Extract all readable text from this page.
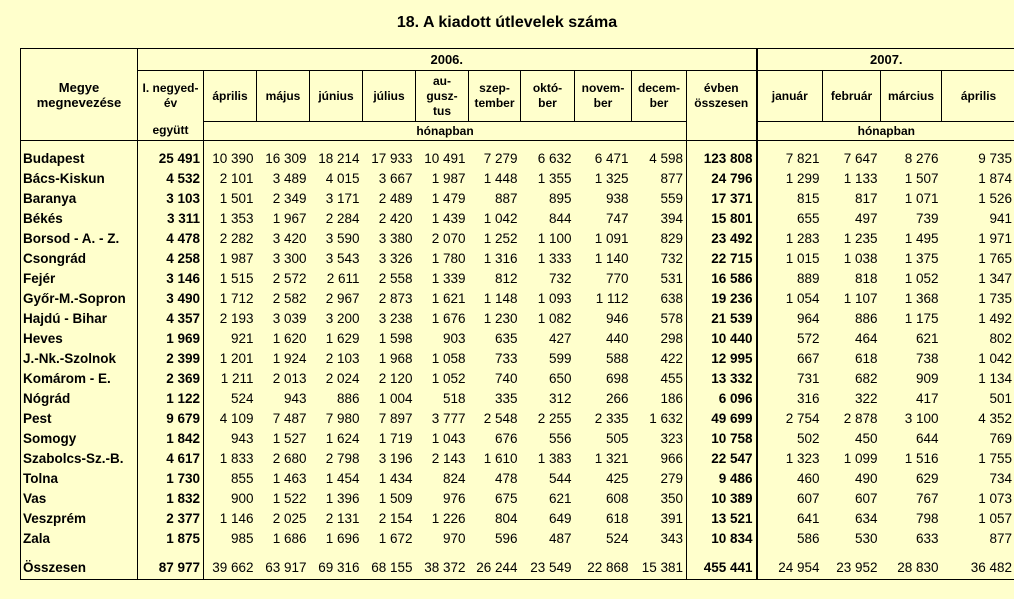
18. A kiadott útlevelek száma
Megye
megnevezése	2006.											2007.			
	I. negyed-
év	április	május	június	július	au-
gusz-
tus	szep-
tember	októ-
ber	novem-
ber	decem-
ber	évben
összesen	január	február	március	április
	együtt	hónapban										hónapban			

Budapest	25 491	10 390	16 309	18 214	17 933	10 491	7 279	6 632	6 471	4 598	123 808	7 821	7 647	8 276	9 735
Bács-Kiskun	4 532	2 101	3 489	4 015	3 667	1 987	1 448	1 355	1 325	877	24 796	1 299	1 133	1 507	1 874
Baranya	3 103	1 501	2 349	3 171	2 489	1 479	887	895	938	559	17 371	815	817	1 071	1 526
Békés	3 311	1 353	1 967	2 284	2 420	1 439	1 042	844	747	394	15 801	655	497	739	941
Borsod - A. - Z.	4 478	2 282	3 420	3 590	3 380	2 070	1 252	1 100	1 091	829	23 492	1 283	1 235	1 495	1 971
Csongrád	4 258	1 987	3 300	3 543	3 326	1 780	1 316	1 333	1 140	732	22 715	1 015	1 038	1 375	1 765
Fejér	3 146	1 515	2 572	2 611	2 558	1 339	812	732	770	531	16 586	889	818	1 052	1 347
Győr-M.-Sopron	3 490	1 712	2 582	2 967	2 873	1 621	1 148	1 093	1 112	638	19 236	1 054	1 107	1 368	1 735
Hajdú - Bihar	4 357	2 193	3 039	3 200	3 238	1 676	1 230	1 082	946	578	21 539	964	886	1 175	1 492
Heves	1 969	921	1 620	1 629	1 598	903	635	427	440	298	10 440	572	464	621	802
J.-Nk.-Szolnok	2 399	1 201	1 924	2 103	1 968	1 058	733	599	588	422	12 995	667	618	738	1 042
Komárom - E.	2 369	1 211	2 013	2 024	2 120	1 052	740	650	698	455	13 332	731	682	909	1 134
Nógrád	1 122	524	943	886	1 004	518	335	312	266	186	6 096	316	322	417	501
Pest	9 679	4 109	7 487	7 980	7 897	3 777	2 548	2 255	2 335	1 632	49 699	2 754	2 878	3 100	4 352
Somogy	1 842	943	1 527	1 624	1 719	1 043	676	556	505	323	10 758	502	450	644	769
Szabolcs-Sz.-B.	4 617	1 833	2 680	2 798	3 196	2 143	1 610	1 383	1 321	966	22 547	1 323	1 099	1 516	1 755
Tolna	1 730	855	1 463	1 454	1 434	824	478	544	425	279	9 486	460	490	629	734
Vas	1 832	900	1 522	1 396	1 509	976	675	621	608	350	10 389	607	607	767	1 073
Veszprém	2 377	1 146	2 025	2 131	2 154	1 226	804	649	618	391	13 521	641	634	798	1 057
Zala	1 875	985	1 686	1 696	1 672	970	596	487	524	343	10 834	586	530	633	877

Összesen	87 977	39 662	63 917	69 316	68 155	38 372	26 244	23 549	22 868	15 381	455 441	24 954	23 952	28 830	36 482
